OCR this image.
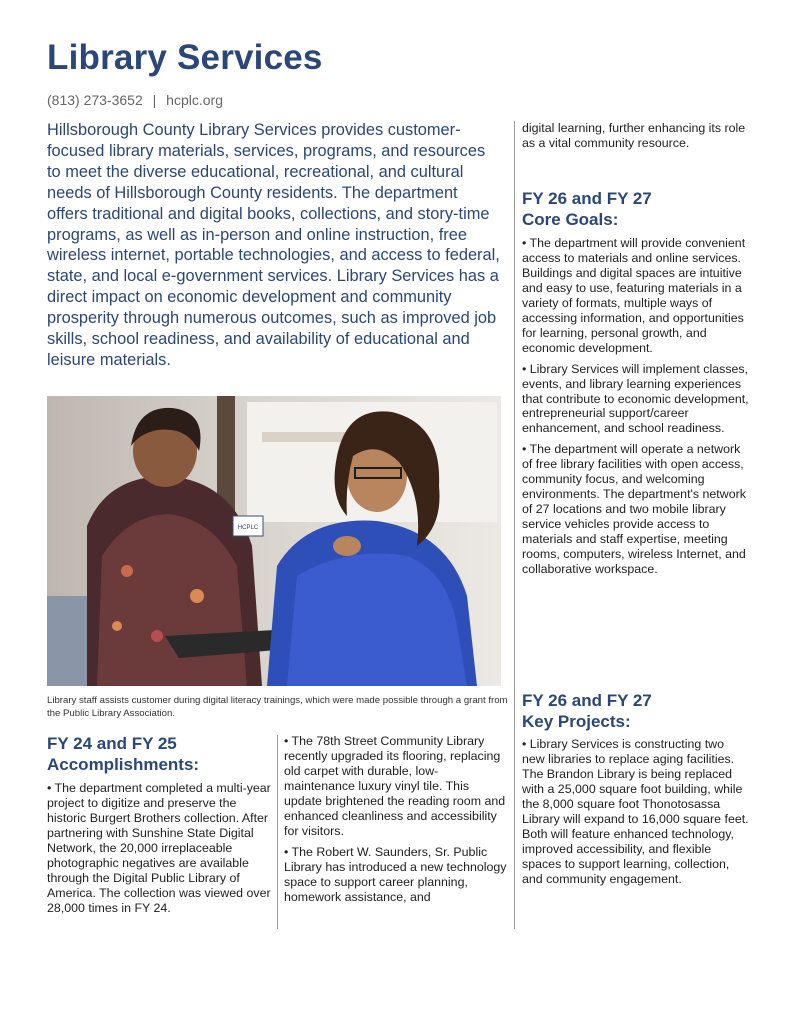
Library Services
(813) 273-3652 | hcplc.org

Hillsborough County Library Services provides customer-focused library materials, services, programs, and resources to meet the diverse educational, recreational, and cultural needs of Hillsborough County residents. The department offers traditional and digital books, collections, and story-time programs, as well as in-person and online instruction, free wireless internet, portable technologies, and access to federal, state, and local e-government services. Library Services has a direct impact on economic development and community prosperity through numerous outcomes, such as improved job skills, school readiness, and availability of educational and leisure materials.

HCPLC

Library staff assists customer during digital literacy trainings, which were made possible through a grant from the Public Library Association.

FY 24 and FY 25
Accomplishments:

• The department completed a multi-year project to digitize and preserve the historic Burgert Brothers collection. After partnering with Sunshine State Digital Network, the 20,000 irreplaceable photographic negatives are available through the Digital Public Library of America. The collection was viewed over 28,000 times in FY 24.

• The 78th Street Community Library recently upgraded its flooring, replacing old carpet with durable, low-maintenance luxury vinyl tile. This update brightened the reading room and enhanced cleanliness and accessibility for visitors.

• The Robert W. Saunders, Sr. Public Library has introduced a new technology space to support career planning, homework assistance, and

digital learning, further enhancing its role as a vital community resource.

FY 26 and FY 27
Core Goals:

• The department will provide convenient access to materials and online services. Buildings and digital spaces are intuitive and easy to use, featuring materials in a variety of formats, multiple ways of accessing information, and opportunities for learning, personal growth, and economic development.

• Library Services will implement classes, events, and library learning experiences that contribute to economic development, entrepreneurial support/career enhancement, and school readiness.

• The department will operate a network of free library facilities with open access, community focus, and welcoming environments. The department's network of 27 locations and two mobile library service vehicles provide access to materials and staff expertise, meeting rooms, computers, wireless Internet, and collaborative workspace.

FY 26 and FY 27
Key Projects:

• Library Services is constructing two new libraries to replace aging facilities. The Brandon Library is being replaced with a 25,000 square foot building, while the 8,000 square foot Thonotosassa Library will expand to 16,000 square feet. Both will feature enhanced technology, improved accessibility, and flexible spaces to support learning, collection, and community engagement.
